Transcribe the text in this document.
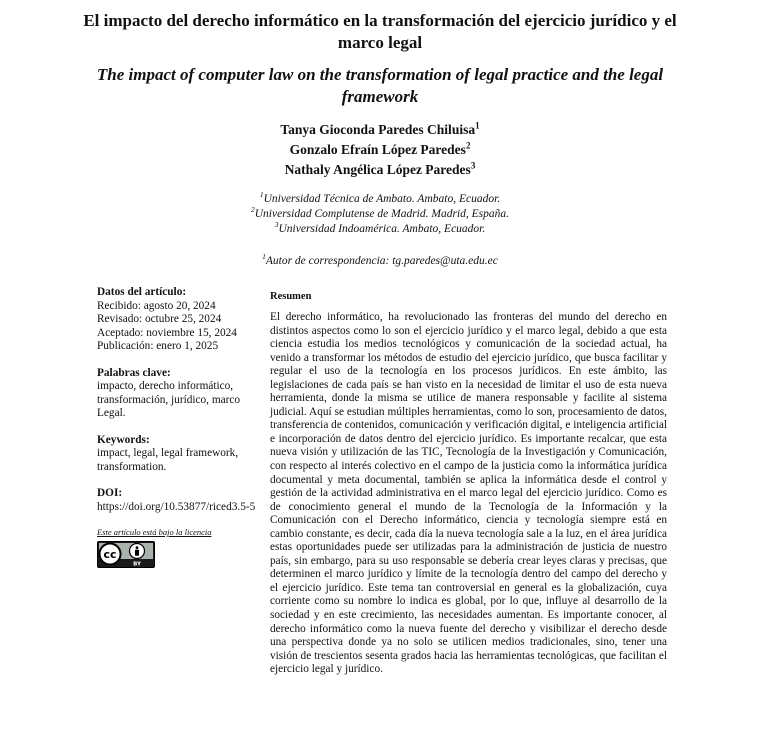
El impacto del derecho informático en la transformación del ejercicio jurídico y el marco legal
The impact of computer law on the transformation of legal practice and the legal framework
Tanya Gioconda Paredes Chiluisa$^1$
Gonzalo Efraín López Paredes$^2$
Nathaly Angélica López Paredes$^3$
$^1$Universidad Técnica de Ambato. Ambato, Ecuador.
$^2$Universidad Complutense de Madrid. Madrid, España.
$^3$Universidad Indoamérica. Ambato, Ecuador.
$^1$Autor de correspondencia: tg.paredes@uta.edu.ec
Datos del artículo:
Recibido: agosto 20, 2024
Revisado: octubre 25, 2024
Aceptado: noviembre 15, 2024
Publicación: enero 1, 2025
Palabras clave:
impacto, derecho informático, transformación, jurídico, marco Legal.
Keywords:
impact, legal, legal framework, transformation.
DOI:
https://doi.org/10.53877/riced3.5-5
Este artículo está bajo la licencia
cc
BY
Resumen

El derecho informático, ha revolucionado las fronteras del mundo del derecho en distintos aspectos como lo son el ejercicio jurídico y el marco legal, debido a que esta ciencia estudia los medios tecnológicos y comunicación de la sociedad actual, ha venido a transformar los métodos de estudio del ejercicio jurídico, que busca facilitar y regular el uso de la tecnología en los procesos jurídicos. En este ámbito, las legislaciones de cada país se han visto en la necesidad de limitar el uso de esta nueva herramienta, donde la misma se utilice de manera responsable y facilite al sistema judicial. Aquí se estudian múltiples herramientas, como lo son, procesamiento de datos, transferencia de contenidos, comunicación y verificación digital, e inteligencia artificial e incorporación de datos dentro del ejercicio jurídico. Es importante recalcar, que esta nueva visión y utilización de las TIC, Tecnología de la Investigación y Comunicación, con respecto al interés colectivo en el campo de la justicia como la informática jurídica documental y meta documental, también se aplica la informática desde el control y gestión de la actividad administrativa en el marco legal del ejercicio jurídico. Como es de conocimiento general el mundo de la Tecnología de la Información y la Comunicación con el Derecho informático, ciencia y tecnología siempre está en cambio constante, es decir, cada día la nueva tecnología sale a la luz, en el área jurídica estas oportunidades puede ser utilizadas para la administración de justicia de nuestro país, sin embargo, para su uso responsable se debería crear leyes claras y precisas, que determinen el marco jurídico y límite de la tecnología dentro del campo del derecho y el ejercicio jurídico. Este tema tan controversial en general es la globalización, cuya corriente como su nombre lo indica es global, por lo que, influye al desarrollo de la sociedad y en este crecimiento, las necesidades aumentan. Es importante conocer, al derecho informático como la nueva fuente del derecho y visibilizar el derecho desde una perspectiva donde ya no solo se utilicen medios tradicionales, sino, tener una visión de trescientos sesenta grados hacia las herramientas tecnológicas, que facilitan el ejercicio legal y jurídico.
